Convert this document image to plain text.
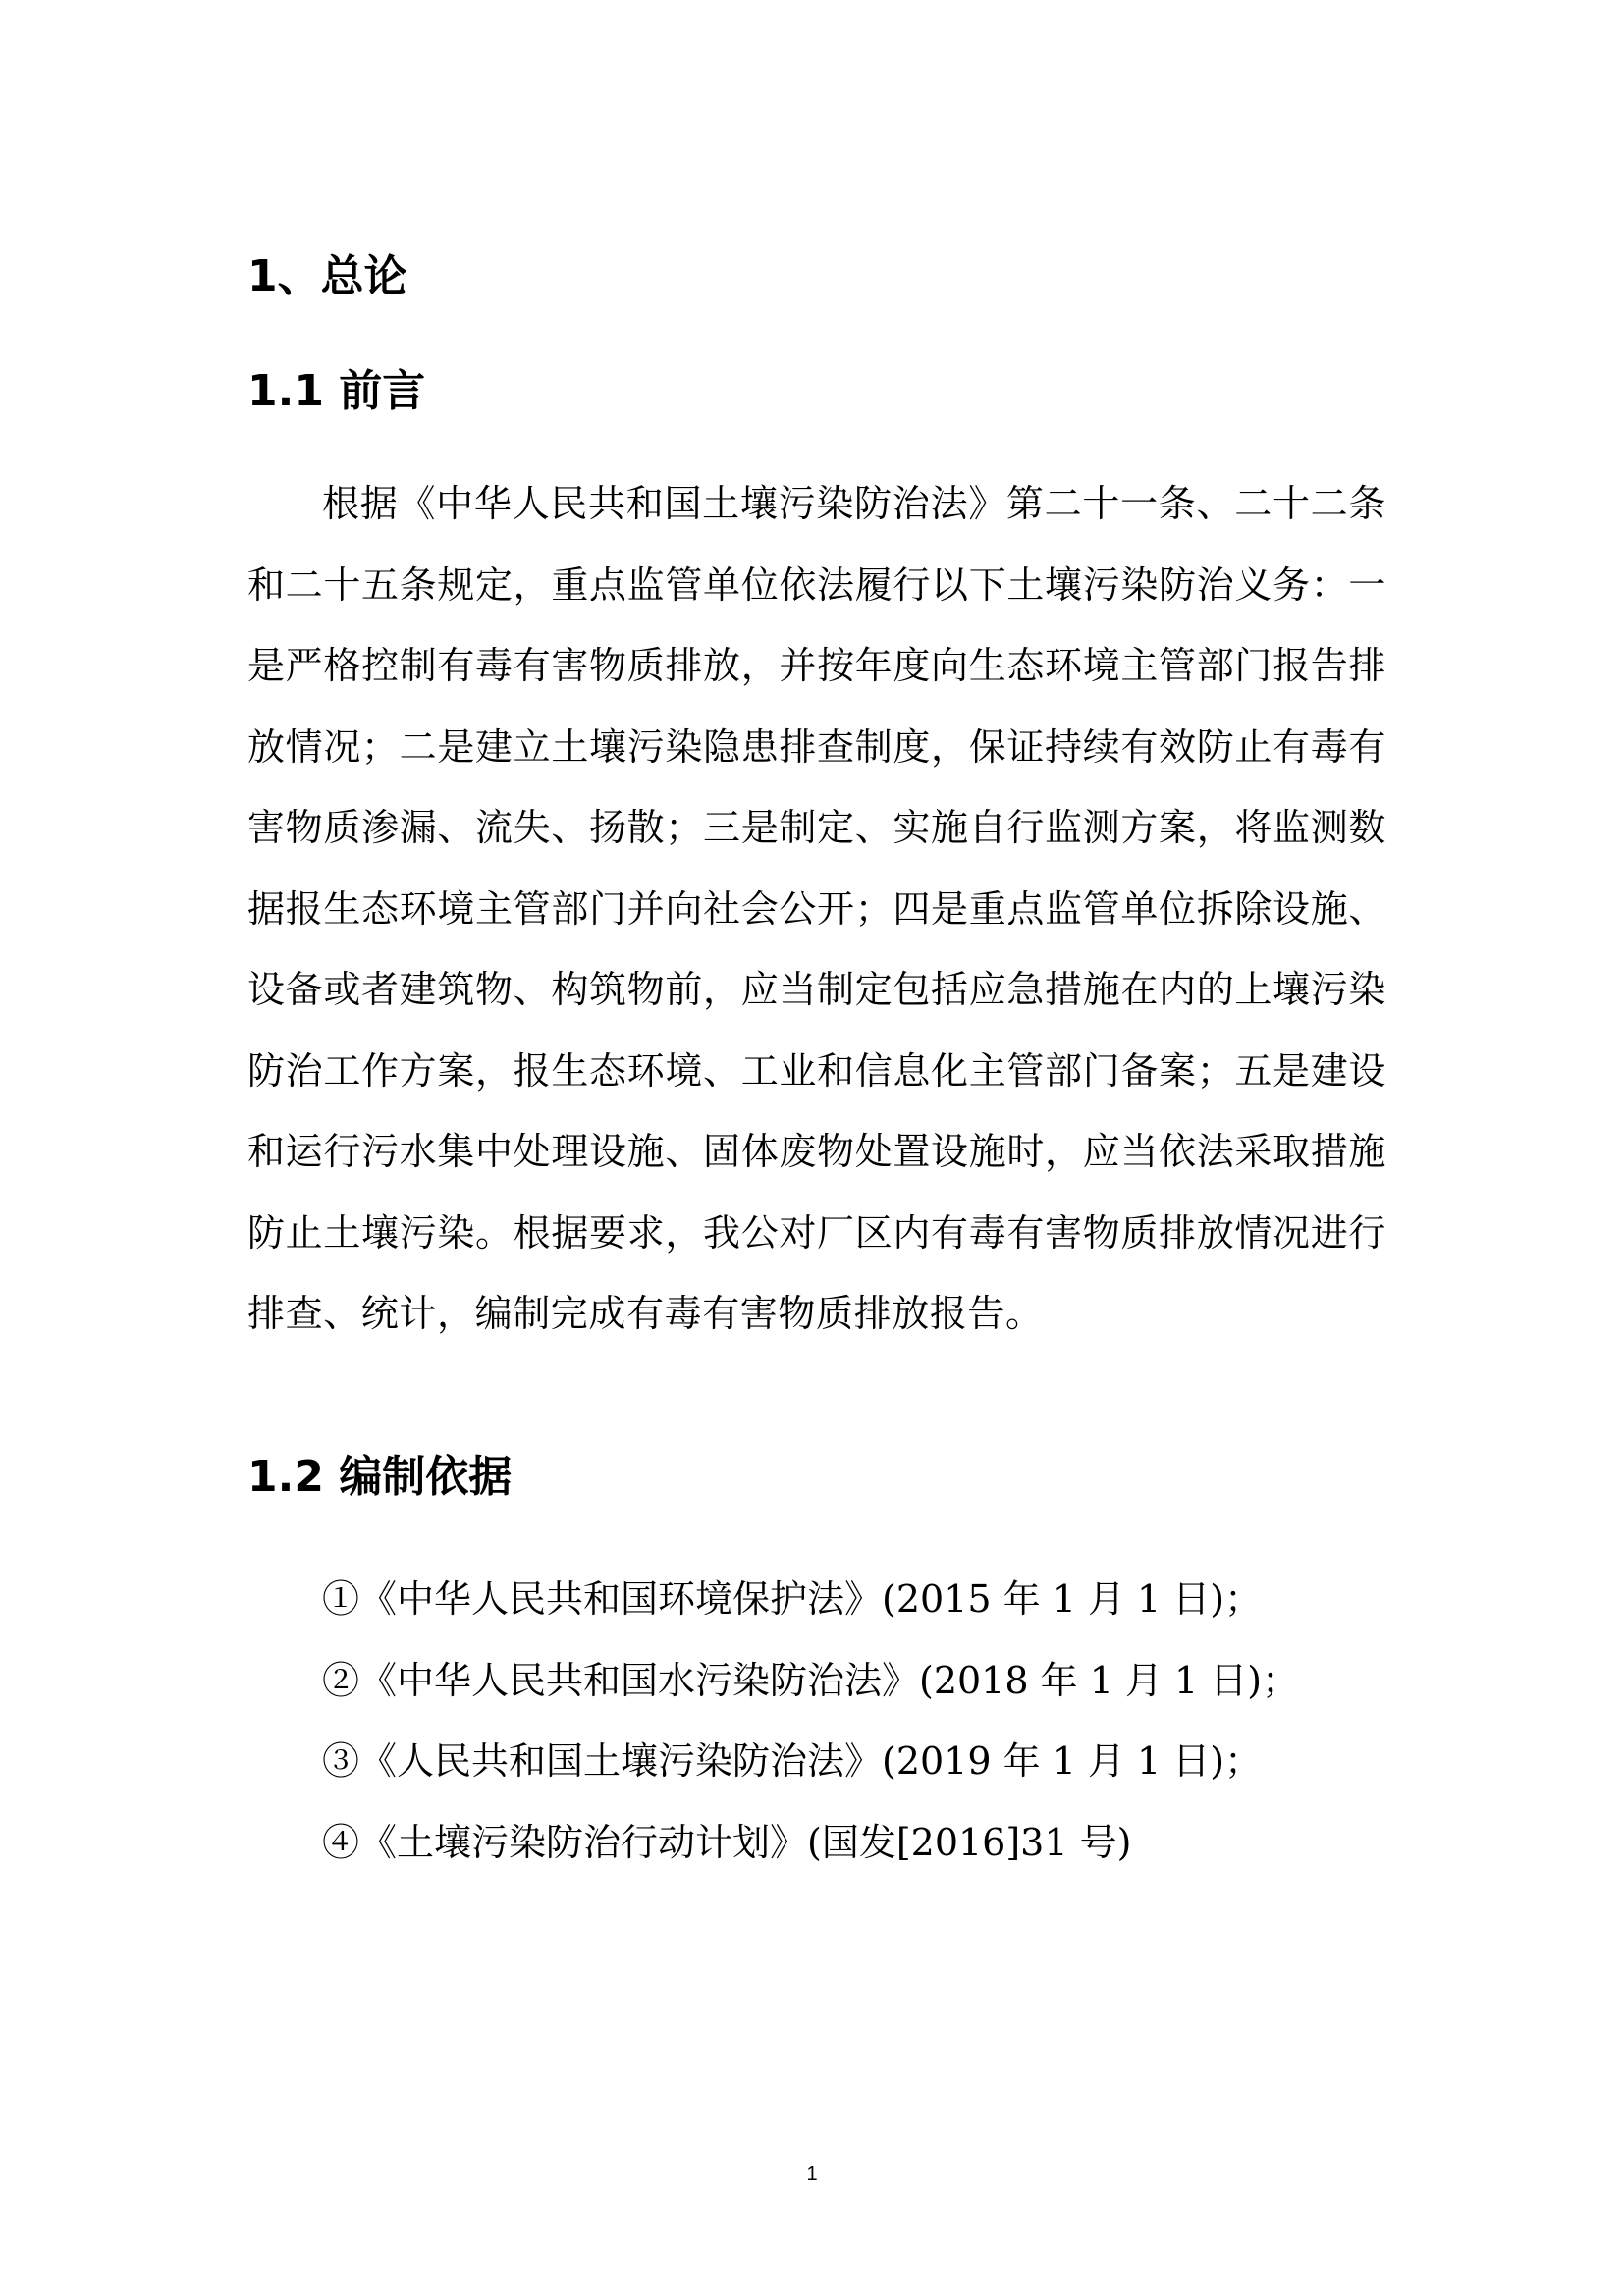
1、总论
1.1 前言

根据《中华人民共和国土壤污染防治法》第二十一条、二十二条和二十五条规定，重点监管单位依法履行以下土壤污染防治义务：一是严格控制有毒有害物质排放，并按年度向生态环境主管部门报告排放情况；二是建立土壤污染隐患排查制度，保证持续有效防止有毒有害物质渗漏、流失、扬散；三是制定、实施自行监测方案，将监测数据报生态环境主管部门并向社会公开；四是重点监管单位拆除设施、设备或者建筑物、构筑物前，应当制定包括应急措施在内的上壤污染防治工作方案，报生态环境、工业和信息化主管部门备案；五是建设和运行污水集中处理设施、固体废物处置设施时，应当依法采取措施防止土壤污染。根据要求，我公对厂区内有毒有害物质排放情况进行排查、统计，编制完成有毒有害物质排放报告。

1.2 编制依据
①《中华人民共和国环境保护法》(2015 年 1 月 1 日)；
②《中华人民共和国水污染防治法》(2018 年 1 月 1 日)；
③《人民共和国土壤污染防治法》(2019 年 1 月 1 日)；
④《土壤污染防治行动计划》(国发[2016]31 号)
1
